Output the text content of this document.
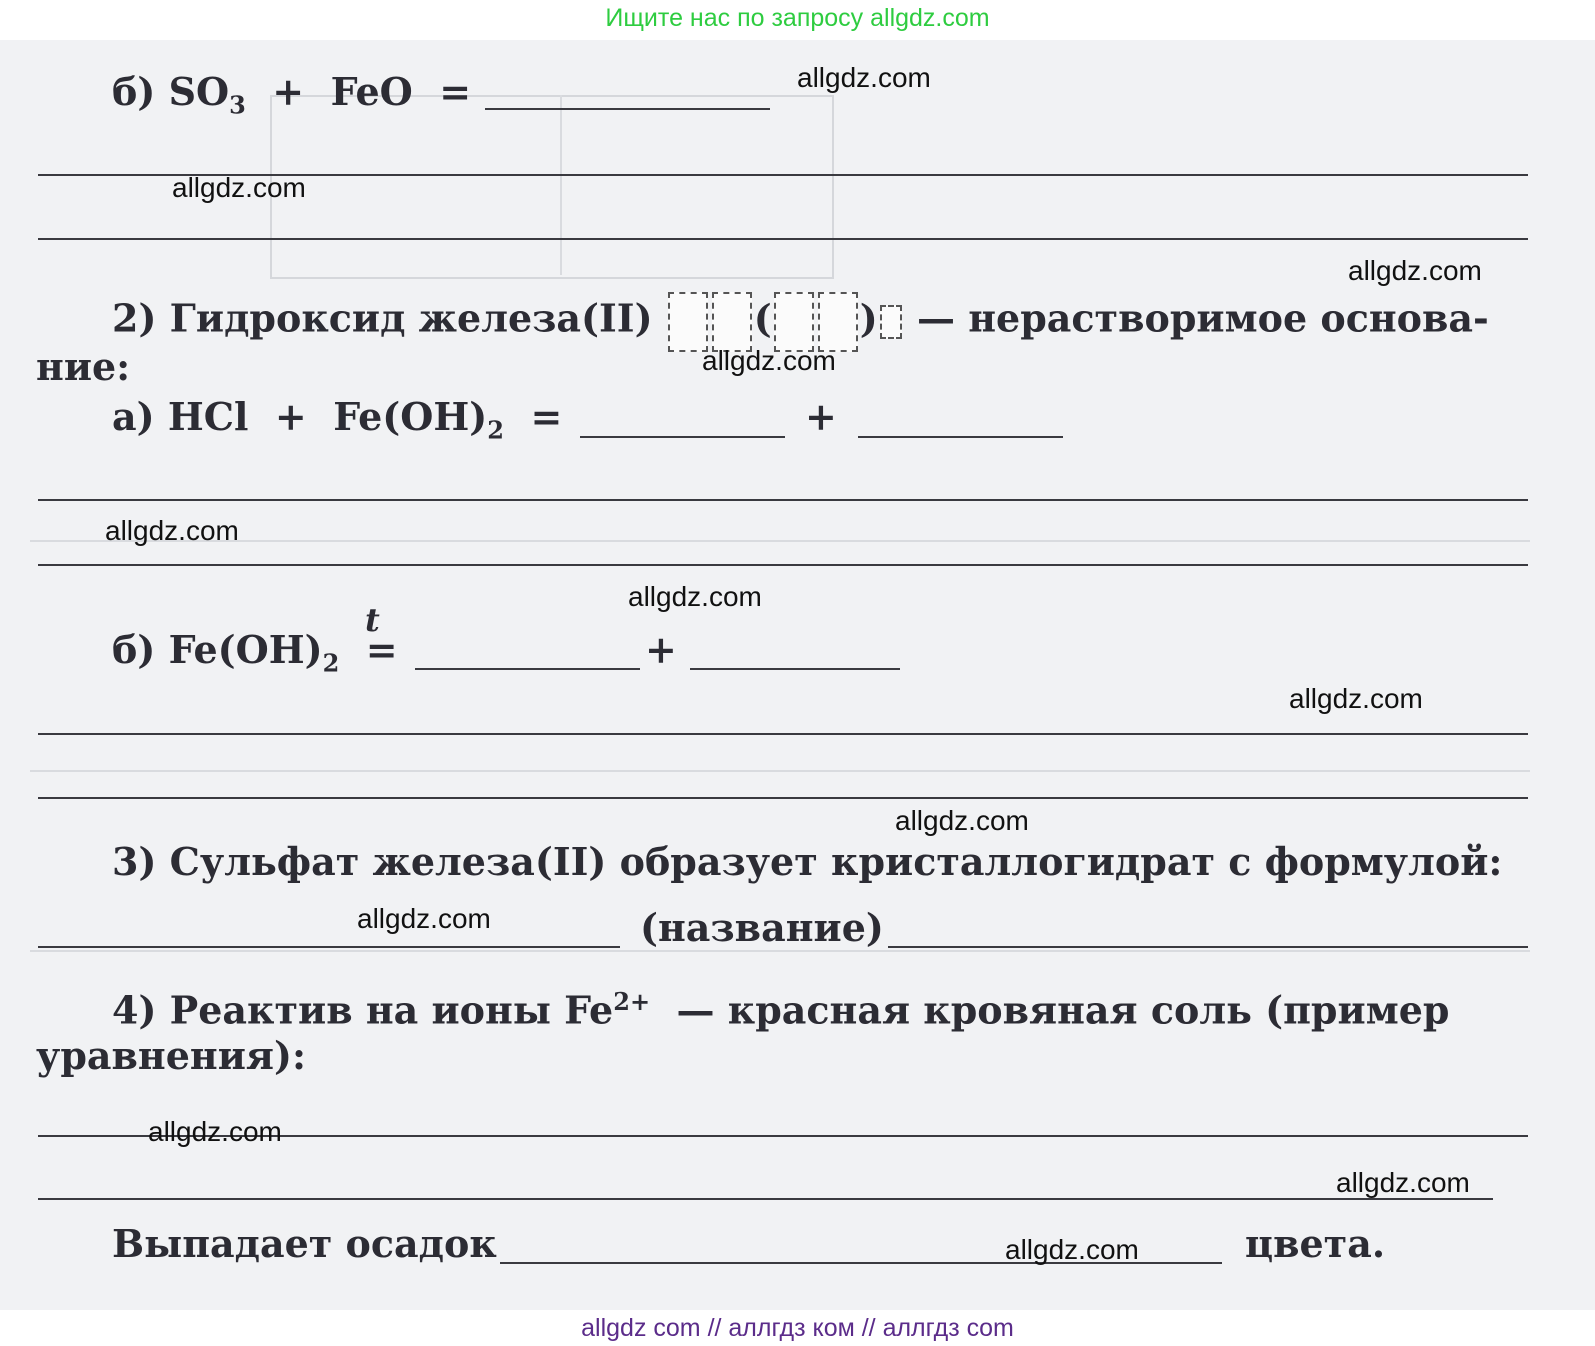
Ищите нас по запросу allgdz.com
б) $SO_3$ + FeO =
2) Гидроксид железа(II)	( ) — нерастворимое основа-
ние:
а) HCl + $Fe(OH)_2$ =	+
t
б) $Fe(OH)_2$ =	+
3) Сульфат железа(II) образует кристаллогидрат с формулой:
(название)
4) Реактив на ионы $Fe^{2+}$ — красная кровяная соль (пример
уравнения):
Выпадает осадок	цвета.
allgdz.com
allgdz.com
allgdz.com
allgdz.com
allgdz.com
allgdz.com
allgdz.com
allgdz.com
allgdz.com
allgdz.com
allgdz.com
allgdz.com
allgdz com // аллгдз ком // аллгдз com
